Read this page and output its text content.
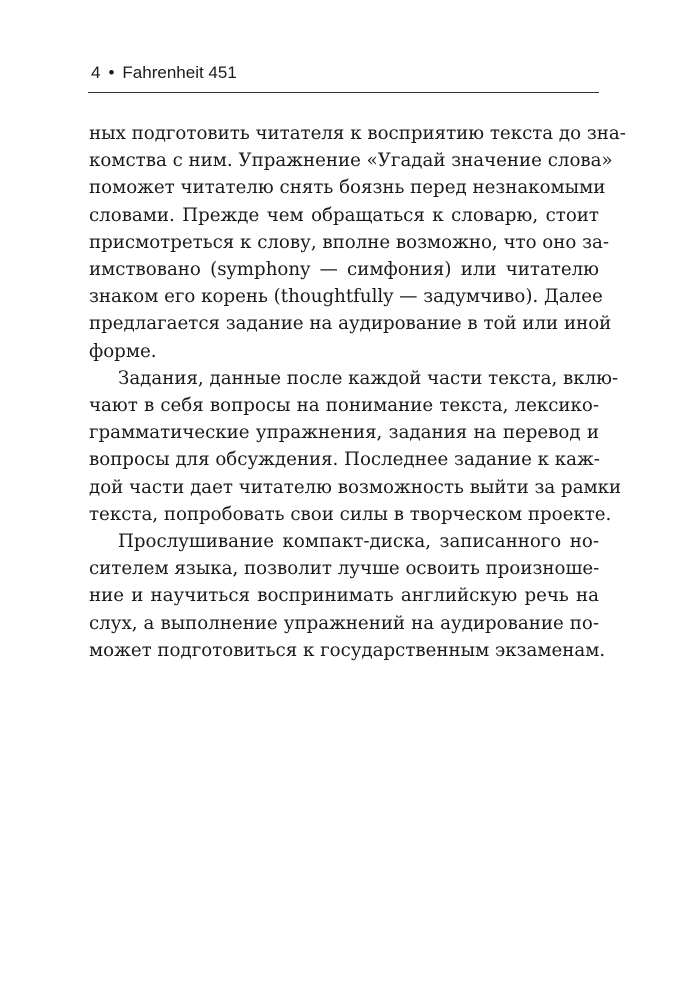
4 • Fahrenheit 451

ных подготовить читателя к восприятию текста до зна-
комства с ним. Упражнение «Угадай значение слова»
поможет читателю снять боязнь перед незнакомыми
словами. Прежде чем обращаться к словарю, стоит
присмотреться к слову, вполне возможно, что оно за-
имствовано (symphony — симфония) или читателю
знаком его корень (thoughtfully — задумчиво). Далее
предлагается задание на аудирование в той или иной
форме.

Задания, данные после каждой части текста, вклю-
чают в себя вопросы на понимание текста, лексико-
грамматические упражнения, задания на перевод и
вопросы для обсуждения. Последнее задание к каж-
дой части дает читателю возможность выйти за рамки
текста, попробовать свои силы в творческом проекте.

Прослушивание компакт-диска, записанного но-
сителем языка, позволит лучше освоить произноше-
ние и научиться воспринимать английскую речь на
слух, а выполнение упражнений на аудирование по-
может подготовиться к государственным экзаменам.
